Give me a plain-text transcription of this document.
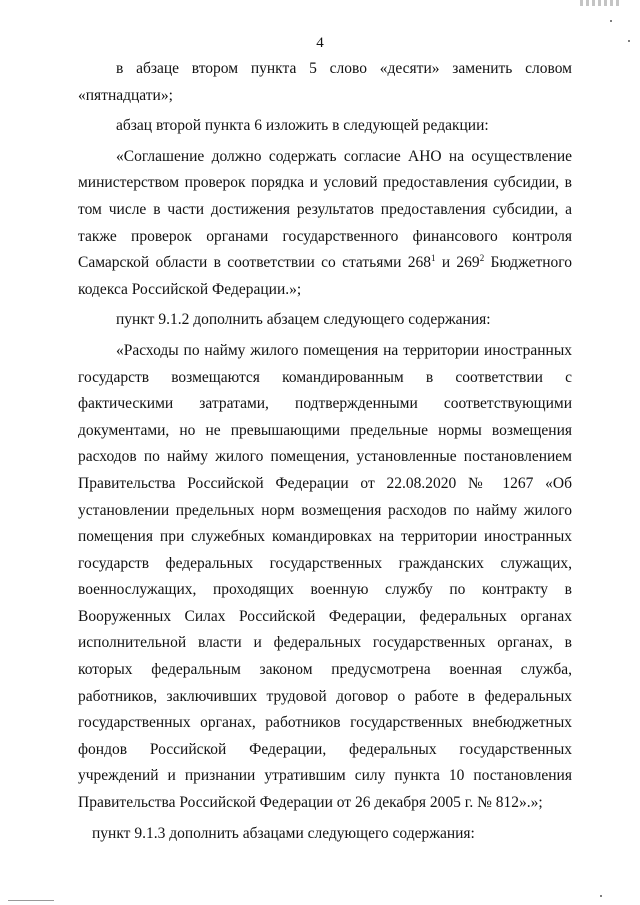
4

в абзаце втором пункта 5 слово «десяти» заменить словом «пятнадцати»;

абзац второй пункта 6 изложить в следующей редакции:

«Соглашение должно содержать согласие АНО на осуществление министерством проверок порядка и условий предоставления субсидии, в том числе в части достижения результатов предоставления субсидии, а также проверок органами государственного финансового контроля Самарской области в соответствии со статьями $268^1$ и $269^2$ Бюджетного кодекса Российской Федерации.»;

пункт 9.1.2 дополнить абзацем следующего содержания:

«Расходы по найму жилого помещения на территории иностранных государств возмещаются командированным в соответствии с фактическими затратами, подтвержденными соответствующими документами, но не превышающими предельные нормы возмещения расходов по найму жилого помещения, установленные постановлением Правительства Российской Федерации от 22.08.2020 № 1267 «Об установлении предельных норм возмещения расходов по найму жилого помещения при служебных командировках на территории иностранных государств федеральных государственных гражданских служащих, военнослужащих, проходящих военную службу по контракту в Вооруженных Силах Российской Федерации, федеральных органах исполнительной власти и федеральных государственных органах, в которых федеральным законом предусмотрена военная служба, работников, заключивших трудовой договор о работе в федеральных государственных органах, работников государственных внебюджетных фондов Российской Федерации, федеральных государственных учреждений и признании утратившим силу пункта 10 постановления Правительства Российской Федерации от 26 декабря 2005 г. № 812».»;

пункт 9.1.3 дополнить абзацами следующего содержания:
